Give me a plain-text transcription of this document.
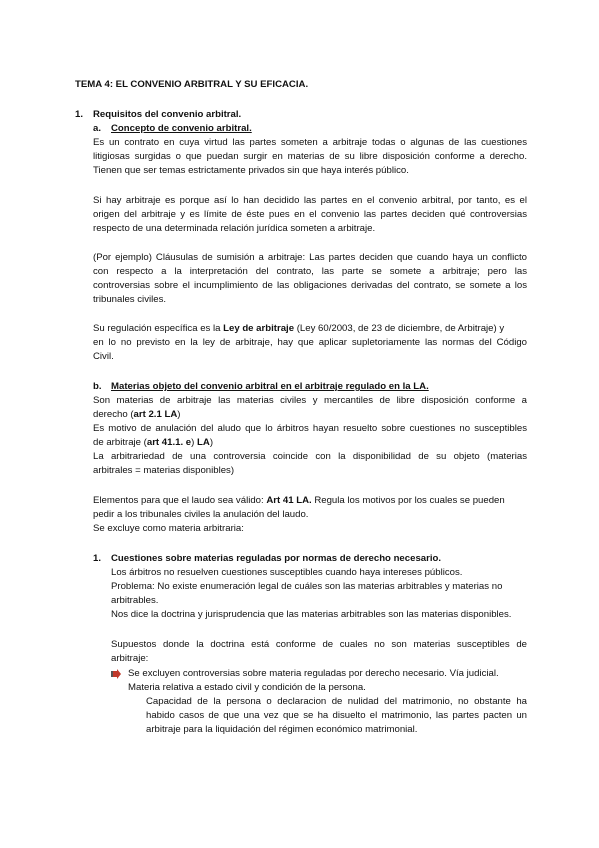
TEMA 4: EL CONVENIO ARBITRAL Y SU EFICACIA.
1. Requisitos del convenio arbitral.
a. Concepto de convenio arbitral.
Es un contrato en cuya virtud las partes someten a arbitraje todas o algunas de las cuestiones
litigiosas surgidas o que puedan surgir en materias de su libre disposición conforme a derecho.
Tienen que ser temas estrictamente privados sin que haya interés público.
Si hay arbitraje es porque así lo han decidido las partes en el convenio arbitral, por tanto, es el
origen del arbitraje y es límite de éste pues en el convenio las partes deciden qué controversias
respecto de una determinada relación jurídica someten a arbitraje.
(Por ejemplo) Cláusulas de sumisión a arbitraje: Las partes deciden que cuando haya un conflicto
con respecto a la interpretación del contrato, las parte se somete a arbitraje; pero las
controversias sobre el incumplimiento de las obligaciones derivadas del contrato, se somete a los
tribunales civiles.
Su regulación específica es la Ley de arbitraje (Ley 60/2003, de 23 de diciembre, de Arbitraje) y
en lo no previsto en la ley de arbitraje, hay que aplicar supletoriamente las normas del Código
Civil.
b. Materias objeto del convenio arbitral en el arbitraje regulado en la LA.
Son materias de arbitraje las materias civiles y mercantiles de libre disposición conforme a
derecho (art 2.1 LA)
Es motivo de anulación del aludo que lo árbitros hayan resuelto sobre cuestiones no susceptibles
de arbitraje (art 41.1. e) LA)
La arbitrariedad de una controversia coincide con la disponibilidad de su objeto (materias
arbitrales = materias disponibles)
Elementos para que el laudo sea válido: Art 41 LA. Regula los motivos por los cuales se pueden
pedir a los tribunales civiles la anulación del laudo.
Se excluye como materia arbitraria:
1. Cuestiones sobre materias reguladas por normas de derecho necesario.
Los árbitros no resuelven cuestiones susceptibles cuando haya intereses públicos.
Problema: No existe enumeración legal de cuáles son las materias arbitrables y materias no
arbitrables.
Nos dice la doctrina y jurisprudencia que las materias arbitrables son las materias disponibles.
Supuestos donde la doctrina está conforme de cuales no son materias susceptibles de
arbitraje:
Se excluyen controversias sobre materia reguladas por derecho necesario. Vía judicial.
Materia relativa a estado civil y condición de la persona.
Capacidad de la persona o declaracion de nulidad del matrimonio, no obstante ha
habido casos de que una vez que se ha disuelto el matrimonio, las partes pacten un
arbitraje para la liquidación del régimen económico matrimonial.
